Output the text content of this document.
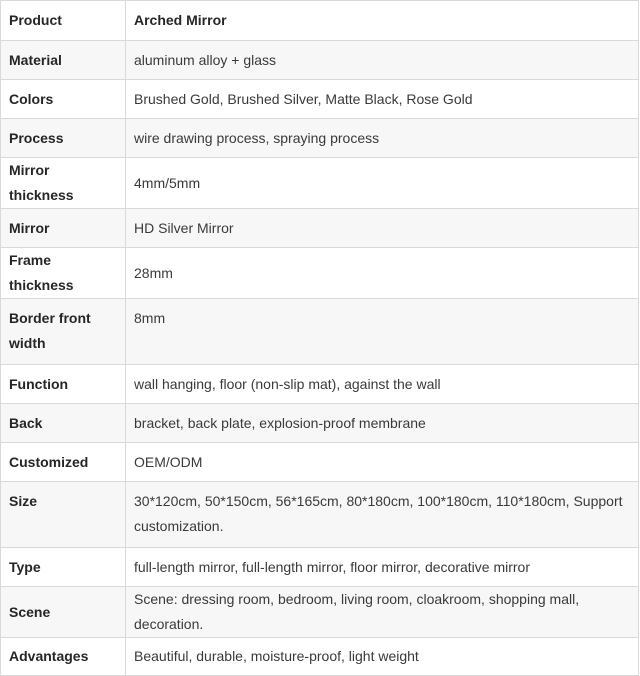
Product	Arched Mirror
Material	aluminum alloy + glass
Colors	Brushed Gold, Brushed Silver, Matte Black, Rose Gold
Process	wire drawing process, spraying process
Mirror thickness	4mm/5mm
Mirror	HD Silver Mirror
Frame thickness	28mm
Border front width	8mm
Function	wall hanging, floor (non-slip mat), against the wall
Back	bracket, back plate, explosion-proof membrane
Customized	OEM/ODM
Size	30*120cm, 50*150cm, 56*165cm, 80*180cm, 100*180cm, 110*180cm, Support customization.
Type	full-length mirror, full-length mirror, floor mirror, decorative mirror
Scene	Scene: dressing room, bedroom, living room, cloakroom, shopping mall, decoration.
Advantages	Beautiful, durable, moisture-proof, light weight
